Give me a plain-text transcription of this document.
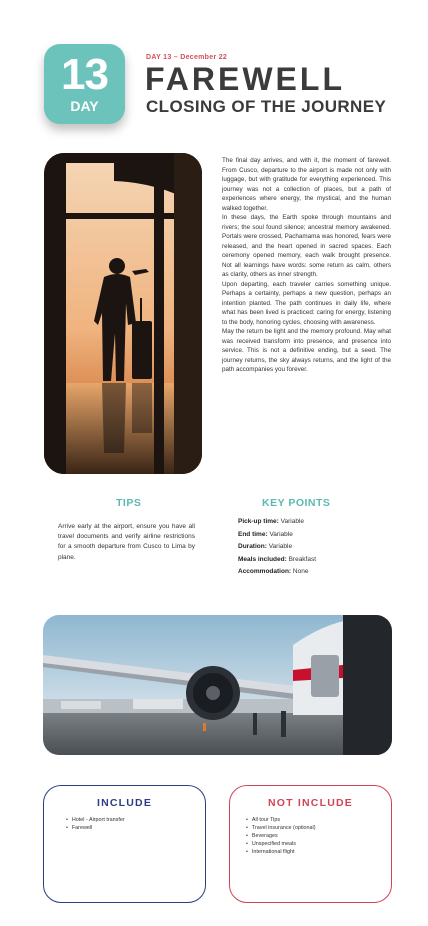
13
DAY
DAY 13 – December 22
FAREWELL
CLOSING OF THE JOURNEY

The final day arrives, and with it, the moment of farewell. From Cusco, departure to the airport is made not only with luggage, but with gratitude for everything experienced. This journey was not a collection of places, but a path of experiences where energy, the mystical, and the human walked together.

In these days, the Earth spoke through mountains and rivers; the soul found silence; ancestral memory awakened. Portals were crossed, Pachamama was honored, fears were released, and the heart opened in sacred spaces. Each ceremony opened memory, each walk brought presence. Not all learnings have words: some return as calm, others as clarity, others as inner strength.

Upon departing, each traveler carries something unique. Perhaps a certainty, perhaps a new question, perhaps an intention planted. The path continues in daily life, where what has been lived is practiced: caring for energy, listening to the body, honoring cycles, choosing with awareness.

May the return be light and the memory profound. May what was received transform into presence, and presence into service. This is not a definitive ending, but a seed. The journey returns, the sky always returns, and the light of the path accompanies you forever.

TIPS	KEY POINTS

Arrive early at the airport, ensure you have all travel documents and verify airline restrictions for a smooth departure from Cusco to Lima by plane.

Pick-up time: Variable
End time: Variable
Duration: Variable
Meals included: Breakfast
Accommodation: None
INCLUDE
• Hotel - Airport transfer
• Farewell
NOT INCLUDE
• All tour Tips
• Travel insurance (optional)
• Beverages
• Unspecified meals
• International flight
